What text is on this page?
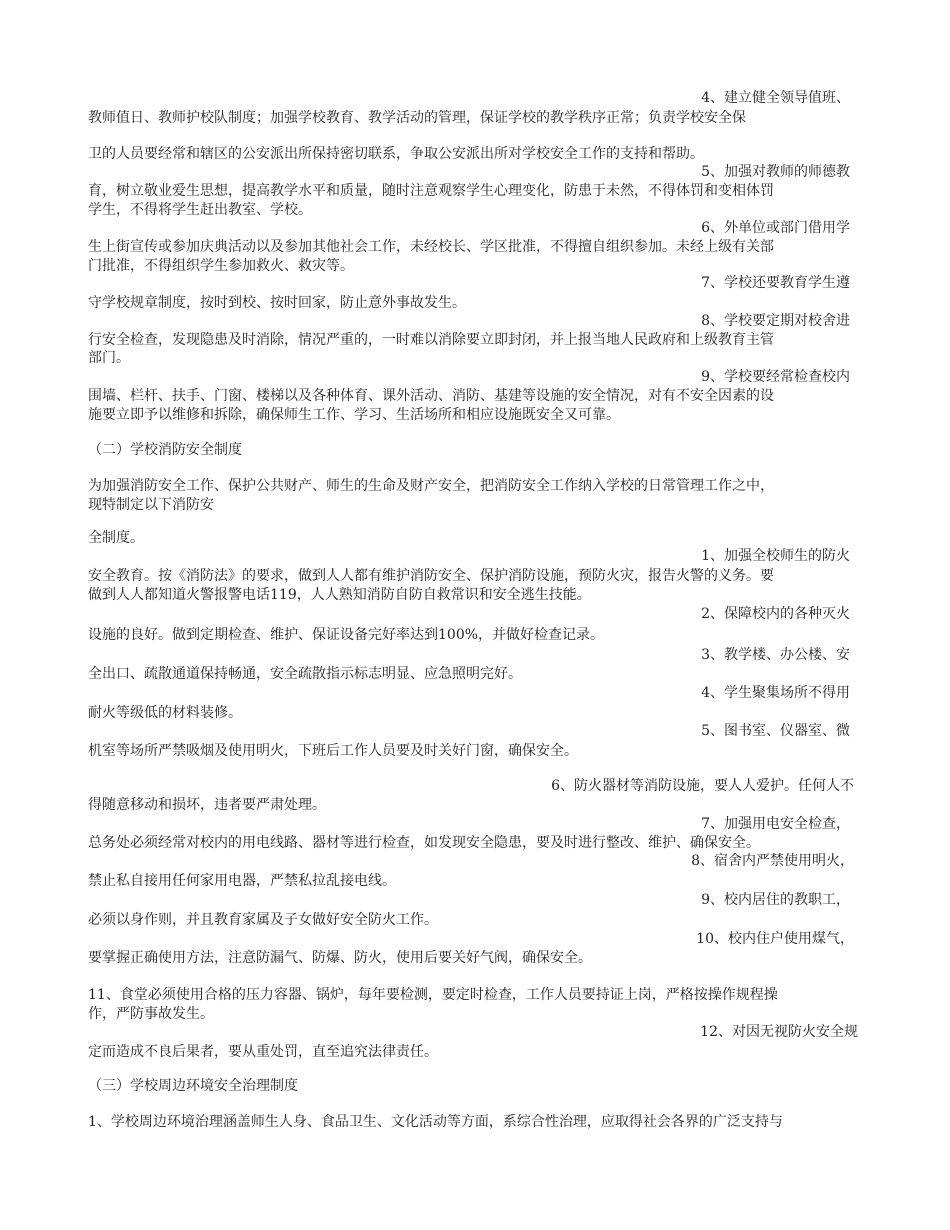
4、建立健全领导值班、
教师值日、教师护校队制度；加强学校教育、教学活动的管理，保证学校的教学秩序正常；负责学校安全保
卫的人员要经常和辖区的公安派出所保持密切联系，争取公安派出所对学校安全工作的支持和帮助。
5、加强对教师的师德教
育，树立敬业爱生思想，提高教学水平和质量，随时注意观察学生心理变化，防患于未然，不得体罚和变相体罚
学生，不得将学生赶出教室、学校。
6、外单位或部门借用学
生上街宣传或参加庆典活动以及参加其他社会工作，未经校长、学区批准，不得擅自组织参加。未经上级有关部
门批准，不得组织学生参加救火、救灾等。
7、学校还要教育学生遵
守学校规章制度，按时到校、按时回家，防止意外事故发生。
8、学校要定期对校舍进
行安全检查，发现隐患及时消除，情况严重的，一时难以消除要立即封闭，并上报当地人民政府和上级教育主管
部门。
9、学校要经常检查校内
围墙、栏杆、扶手、门窗、楼梯以及各种体育、课外活动、消防、基建等设施的安全情况，对有不安全因素的设
施要立即予以维修和拆除，确保师生工作、学习、生活场所和相应设施既安全又可靠。
（二）学校消防安全制度
为加强消防安全工作、保护公共财产、师生的生命及财产安全，把消防安全工作纳入学校的日常管理工作之中，
现特制定以下消防安
全制度。
1、加强全校师生的防火
安全教育。按《消防法》的要求，做到人人都有维护消防安全、保护消防设施，预防火灾，报告火警的义务。要
做到人人都知道火警报警电话119，人人熟知消防自防自救常识和安全逃生技能。
2、保障校内的各种灭火
设施的良好。做到定期检查、维护、保证设备完好率达到100%，并做好检查记录。
3、教学楼、办公楼、安
全出口、疏散通道保持畅通，安全疏散指示标志明显、应急照明完好。
4、学生聚集场所不得用
耐火等级低的材料装修。
5、图书室、仪器室、微
机室等场所严禁吸烟及使用明火，下班后工作人员要及时关好门窗，确保安全。
6、防火器材等消防设施，要人人爱护。任何人不
得随意移动和损坏，违者要严肃处理。
7、加强用电安全检查，
总务处必须经常对校内的用电线路、器材等进行检查，如发现安全隐患，要及时进行整改、维护、确保安全。
8、宿舍内严禁使用明火，
禁止私自接用任何家用电器，严禁私拉乱接电线。
9、校内居住的教职工，
必须以身作则，并且教育家属及子女做好安全防火工作。
10、校内住户使用煤气，
要掌握正确使用方法，注意防漏气、防爆、防火，使用后要关好气阀，确保安全。
11、食堂必须使用合格的压力容器、锅炉，每年要检测，要定时检查，工作人员要持证上岗，严格按操作规程操
作，严防事故发生。
12、对因无视防火安全规
定而造成不良后果者，要从重处罚，直至追究法律责任。
（三）学校周边环境安全治理制度
1、学校周边环境治理涵盖师生人身、食品卫生、文化活动等方面，系综合性治理，应取得社会各界的广泛支持与
